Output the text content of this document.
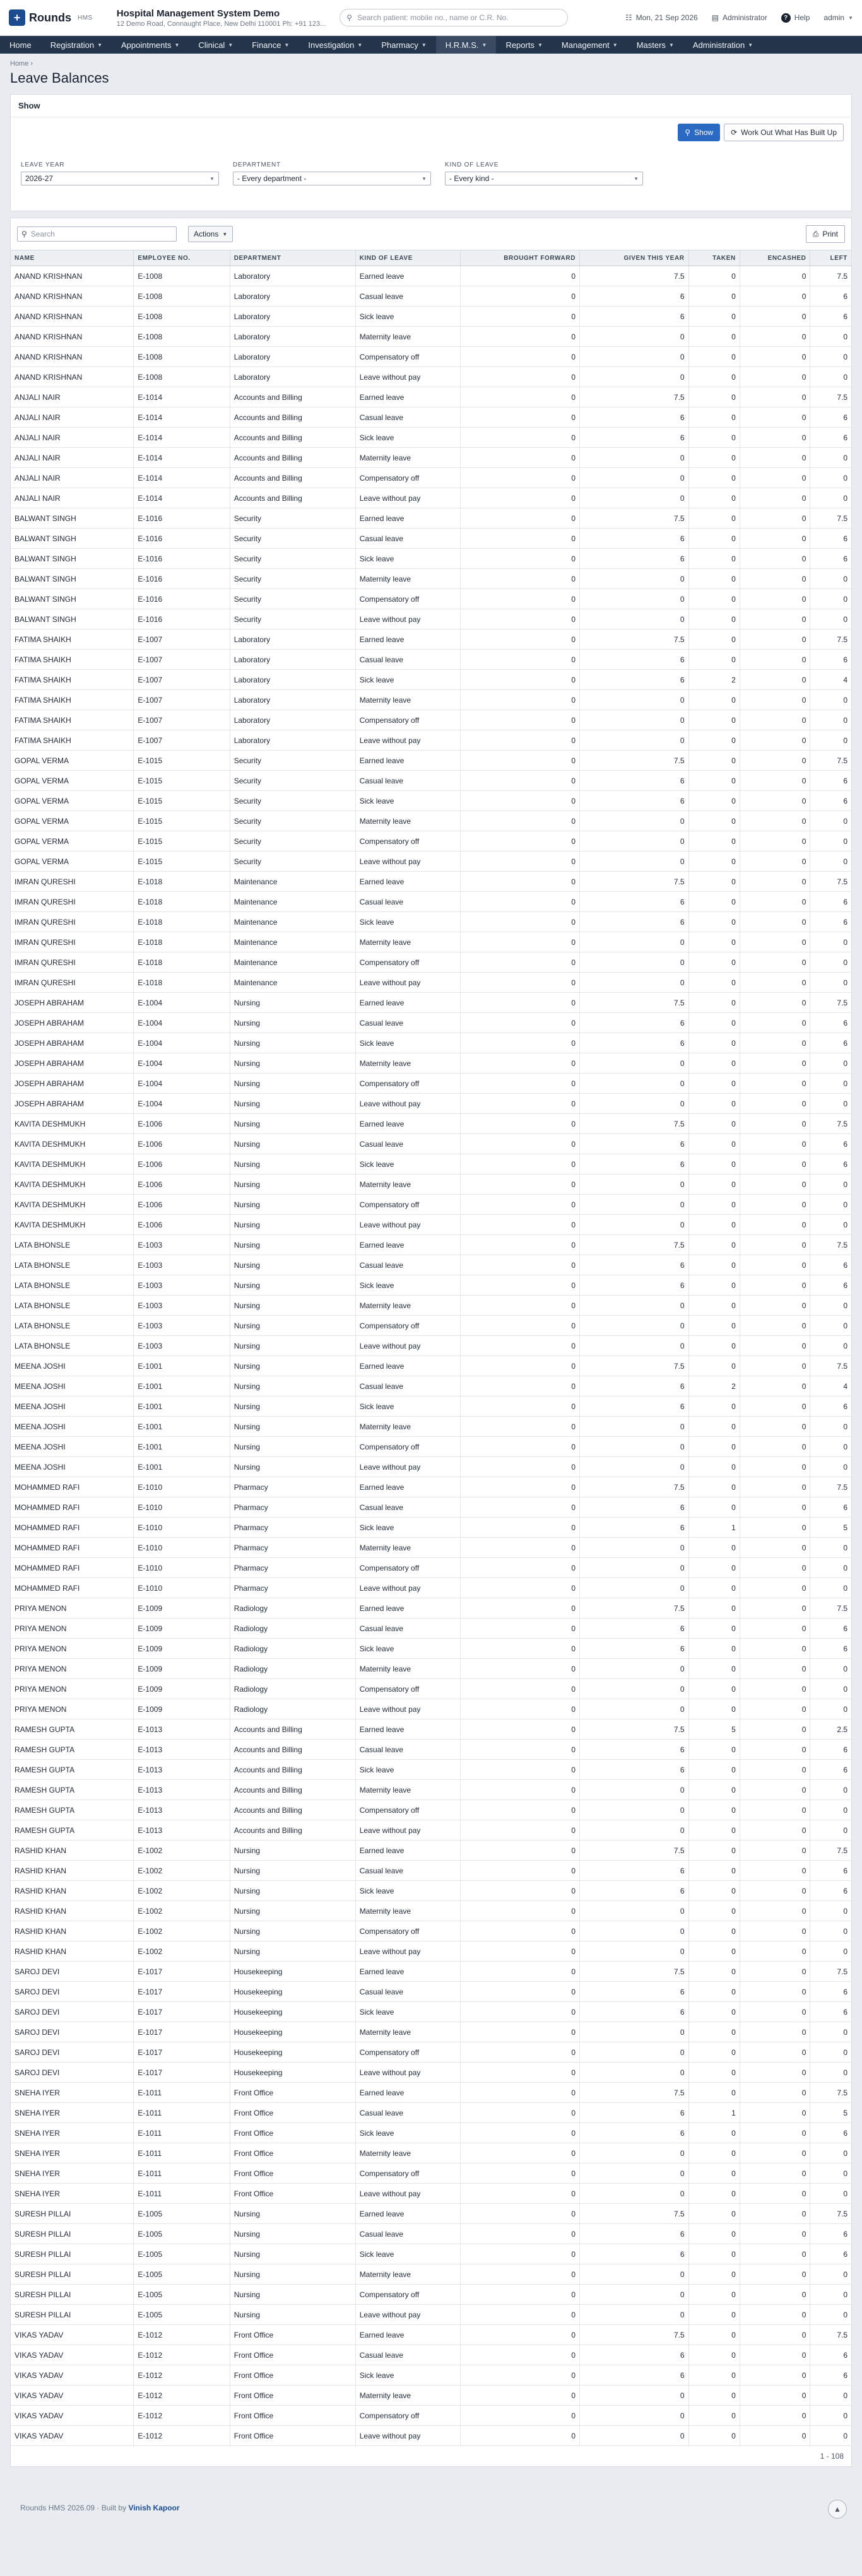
+ Rounds HMS	Hospital Management System Demo
12 Demo Road, Connaught Place, New Delhi 110001 Ph: +91 123...
⚲ Search patient: mobile no., name or C.R. No.	☷ Mon, 21 Sep 2026 ▤ Administrator	? Help admin ▼
Home Registration ▼ Appointments ▼ Clinical ▼ Finance ▼ Investigation ▼ Pharmacy ▼ H.R.M.S. ▼ Reports ▼ Management ▼ Masters ▼ Administration ▼
Home ›
Leave Balances
Show
⚲ Show ⟳ Work Out What Has Built Up
LEAVE YEAR
2026-27	▼
DEPARTMENT
- Every department -	▼
KIND OF LEAVE
- Every kind -	▼
⚲ Search	Actions ▼	⎙ Print
NAME	EMPLOYEE NO.	DEPARTMENT	KIND OF LEAVE	BROUGHT FORWARD	GIVEN THIS YEAR	TAKEN	ENCASHED	LEFT
ANAND KRISHNAN	E-1008	Laboratory	Earned leave	0	7.5	0	0	7.5
ANAND KRISHNAN	E-1008	Laboratory	Casual leave	0	6	0	0	6
ANAND KRISHNAN	E-1008	Laboratory	Sick leave	0	6	0	0	6
ANAND KRISHNAN	E-1008	Laboratory	Maternity leave	0	0	0	0	0
ANAND KRISHNAN	E-1008	Laboratory	Compensatory off	0	0	0	0	0
ANAND KRISHNAN	E-1008	Laboratory	Leave without pay	0	0	0	0	0
ANJALI NAIR	E-1014	Accounts and Billing	Earned leave	0	7.5	0	0	7.5
ANJALI NAIR	E-1014	Accounts and Billing	Casual leave	0	6	0	0	6
ANJALI NAIR	E-1014	Accounts and Billing	Sick leave	0	6	0	0	6
ANJALI NAIR	E-1014	Accounts and Billing	Maternity leave	0	0	0	0	0
ANJALI NAIR	E-1014	Accounts and Billing	Compensatory off	0	0	0	0	0
ANJALI NAIR	E-1014	Accounts and Billing	Leave without pay	0	0	0	0	0
BALWANT SINGH	E-1016	Security	Earned leave	0	7.5	0	0	7.5
BALWANT SINGH	E-1016	Security	Casual leave	0	6	0	0	6
BALWANT SINGH	E-1016	Security	Sick leave	0	6	0	0	6
BALWANT SINGH	E-1016	Security	Maternity leave	0	0	0	0	0
BALWANT SINGH	E-1016	Security	Compensatory off	0	0	0	0	0
BALWANT SINGH	E-1016	Security	Leave without pay	0	0	0	0	0
FATIMA SHAIKH	E-1007	Laboratory	Earned leave	0	7.5	0	0	7.5
FATIMA SHAIKH	E-1007	Laboratory	Casual leave	0	6	0	0	6
FATIMA SHAIKH	E-1007	Laboratory	Sick leave	0	6	2	0	4
FATIMA SHAIKH	E-1007	Laboratory	Maternity leave	0	0	0	0	0
FATIMA SHAIKH	E-1007	Laboratory	Compensatory off	0	0	0	0	0
FATIMA SHAIKH	E-1007	Laboratory	Leave without pay	0	0	0	0	0
GOPAL VERMA	E-1015	Security	Earned leave	0	7.5	0	0	7.5
GOPAL VERMA	E-1015	Security	Casual leave	0	6	0	0	6
GOPAL VERMA	E-1015	Security	Sick leave	0	6	0	0	6
GOPAL VERMA	E-1015	Security	Maternity leave	0	0	0	0	0
GOPAL VERMA	E-1015	Security	Compensatory off	0	0	0	0	0
GOPAL VERMA	E-1015	Security	Leave without pay	0	0	0	0	0
IMRAN QURESHI	E-1018	Maintenance	Earned leave	0	7.5	0	0	7.5
IMRAN QURESHI	E-1018	Maintenance	Casual leave	0	6	0	0	6
IMRAN QURESHI	E-1018	Maintenance	Sick leave	0	6	0	0	6
IMRAN QURESHI	E-1018	Maintenance	Maternity leave	0	0	0	0	0
IMRAN QURESHI	E-1018	Maintenance	Compensatory off	0	0	0	0	0
IMRAN QURESHI	E-1018	Maintenance	Leave without pay	0	0	0	0	0
JOSEPH ABRAHAM	E-1004	Nursing	Earned leave	0	7.5	0	0	7.5
JOSEPH ABRAHAM	E-1004	Nursing	Casual leave	0	6	0	0	6
JOSEPH ABRAHAM	E-1004	Nursing	Sick leave	0	6	0	0	6
JOSEPH ABRAHAM	E-1004	Nursing	Maternity leave	0	0	0	0	0
JOSEPH ABRAHAM	E-1004	Nursing	Compensatory off	0	0	0	0	0
JOSEPH ABRAHAM	E-1004	Nursing	Leave without pay	0	0	0	0	0
KAVITA DESHMUKH	E-1006	Nursing	Earned leave	0	7.5	0	0	7.5
KAVITA DESHMUKH	E-1006	Nursing	Casual leave	0	6	0	0	6
KAVITA DESHMUKH	E-1006	Nursing	Sick leave	0	6	0	0	6
KAVITA DESHMUKH	E-1006	Nursing	Maternity leave	0	0	0	0	0
KAVITA DESHMUKH	E-1006	Nursing	Compensatory off	0	0	0	0	0
KAVITA DESHMUKH	E-1006	Nursing	Leave without pay	0	0	0	0	0
LATA BHONSLE	E-1003	Nursing	Earned leave	0	7.5	0	0	7.5
LATA BHONSLE	E-1003	Nursing	Casual leave	0	6	0	0	6
LATA BHONSLE	E-1003	Nursing	Sick leave	0	6	0	0	6
LATA BHONSLE	E-1003	Nursing	Maternity leave	0	0	0	0	0
LATA BHONSLE	E-1003	Nursing	Compensatory off	0	0	0	0	0
LATA BHONSLE	E-1003	Nursing	Leave without pay	0	0	0	0	0
MEENA JOSHI	E-1001	Nursing	Earned leave	0	7.5	0	0	7.5
MEENA JOSHI	E-1001	Nursing	Casual leave	0	6	2	0	4
MEENA JOSHI	E-1001	Nursing	Sick leave	0	6	0	0	6
MEENA JOSHI	E-1001	Nursing	Maternity leave	0	0	0	0	0
MEENA JOSHI	E-1001	Nursing	Compensatory off	0	0	0	0	0
MEENA JOSHI	E-1001	Nursing	Leave without pay	0	0	0	0	0
MOHAMMED RAFI	E-1010	Pharmacy	Earned leave	0	7.5	0	0	7.5
MOHAMMED RAFI	E-1010	Pharmacy	Casual leave	0	6	0	0	6
MOHAMMED RAFI	E-1010	Pharmacy	Sick leave	0	6	1	0	5
MOHAMMED RAFI	E-1010	Pharmacy	Maternity leave	0	0	0	0	0
MOHAMMED RAFI	E-1010	Pharmacy	Compensatory off	0	0	0	0	0
MOHAMMED RAFI	E-1010	Pharmacy	Leave without pay	0	0	0	0	0
PRIYA MENON	E-1009	Radiology	Earned leave	0	7.5	0	0	7.5
PRIYA MENON	E-1009	Radiology	Casual leave	0	6	0	0	6
PRIYA MENON	E-1009	Radiology	Sick leave	0	6	0	0	6
PRIYA MENON	E-1009	Radiology	Maternity leave	0	0	0	0	0
PRIYA MENON	E-1009	Radiology	Compensatory off	0	0	0	0	0
PRIYA MENON	E-1009	Radiology	Leave without pay	0	0	0	0	0
RAMESH GUPTA	E-1013	Accounts and Billing	Earned leave	0	7.5	5	0	2.5
RAMESH GUPTA	E-1013	Accounts and Billing	Casual leave	0	6	0	0	6
RAMESH GUPTA	E-1013	Accounts and Billing	Sick leave	0	6	0	0	6
RAMESH GUPTA	E-1013	Accounts and Billing	Maternity leave	0	0	0	0	0
RAMESH GUPTA	E-1013	Accounts and Billing	Compensatory off	0	0	0	0	0
RAMESH GUPTA	E-1013	Accounts and Billing	Leave without pay	0	0	0	0	0
RASHID KHAN	E-1002	Nursing	Earned leave	0	7.5	0	0	7.5
RASHID KHAN	E-1002	Nursing	Casual leave	0	6	0	0	6
RASHID KHAN	E-1002	Nursing	Sick leave	0	6	0	0	6
RASHID KHAN	E-1002	Nursing	Maternity leave	0	0	0	0	0
RASHID KHAN	E-1002	Nursing	Compensatory off	0	0	0	0	0
RASHID KHAN	E-1002	Nursing	Leave without pay	0	0	0	0	0
SAROJ DEVI	E-1017	Housekeeping	Earned leave	0	7.5	0	0	7.5
SAROJ DEVI	E-1017	Housekeeping	Casual leave	0	6	0	0	6
SAROJ DEVI	E-1017	Housekeeping	Sick leave	0	6	0	0	6
SAROJ DEVI	E-1017	Housekeeping	Maternity leave	0	0	0	0	0
SAROJ DEVI	E-1017	Housekeeping	Compensatory off	0	0	0	0	0
SAROJ DEVI	E-1017	Housekeeping	Leave without pay	0	0	0	0	0
SNEHA IYER	E-1011	Front Office	Earned leave	0	7.5	0	0	7.5
SNEHA IYER	E-1011	Front Office	Casual leave	0	6	1	0	5
SNEHA IYER	E-1011	Front Office	Sick leave	0	6	0	0	6
SNEHA IYER	E-1011	Front Office	Maternity leave	0	0	0	0	0
SNEHA IYER	E-1011	Front Office	Compensatory off	0	0	0	0	0
SNEHA IYER	E-1011	Front Office	Leave without pay	0	0	0	0	0
SURESH PILLAI	E-1005	Nursing	Earned leave	0	7.5	0	0	7.5
SURESH PILLAI	E-1005	Nursing	Casual leave	0	6	0	0	6
SURESH PILLAI	E-1005	Nursing	Sick leave	0	6	0	0	6
SURESH PILLAI	E-1005	Nursing	Maternity leave	0	0	0	0	0
SURESH PILLAI	E-1005	Nursing	Compensatory off	0	0	0	0	0
SURESH PILLAI	E-1005	Nursing	Leave without pay	0	0	0	0	0
VIKAS YADAV	E-1012	Front Office	Earned leave	0	7.5	0	0	7.5
VIKAS YADAV	E-1012	Front Office	Casual leave	0	6	0	0	6
VIKAS YADAV	E-1012	Front Office	Sick leave	0	6	0	0	6
VIKAS YADAV	E-1012	Front Office	Maternity leave	0	0	0	0	0
VIKAS YADAV	E-1012	Front Office	Compensatory off	0	0	0	0	0
VIKAS YADAV	E-1012	Front Office	Leave without pay	0	0	0	0	0
1 - 108
Rounds HMS 2026.09 · Built by Vinish Kapoor	▲
